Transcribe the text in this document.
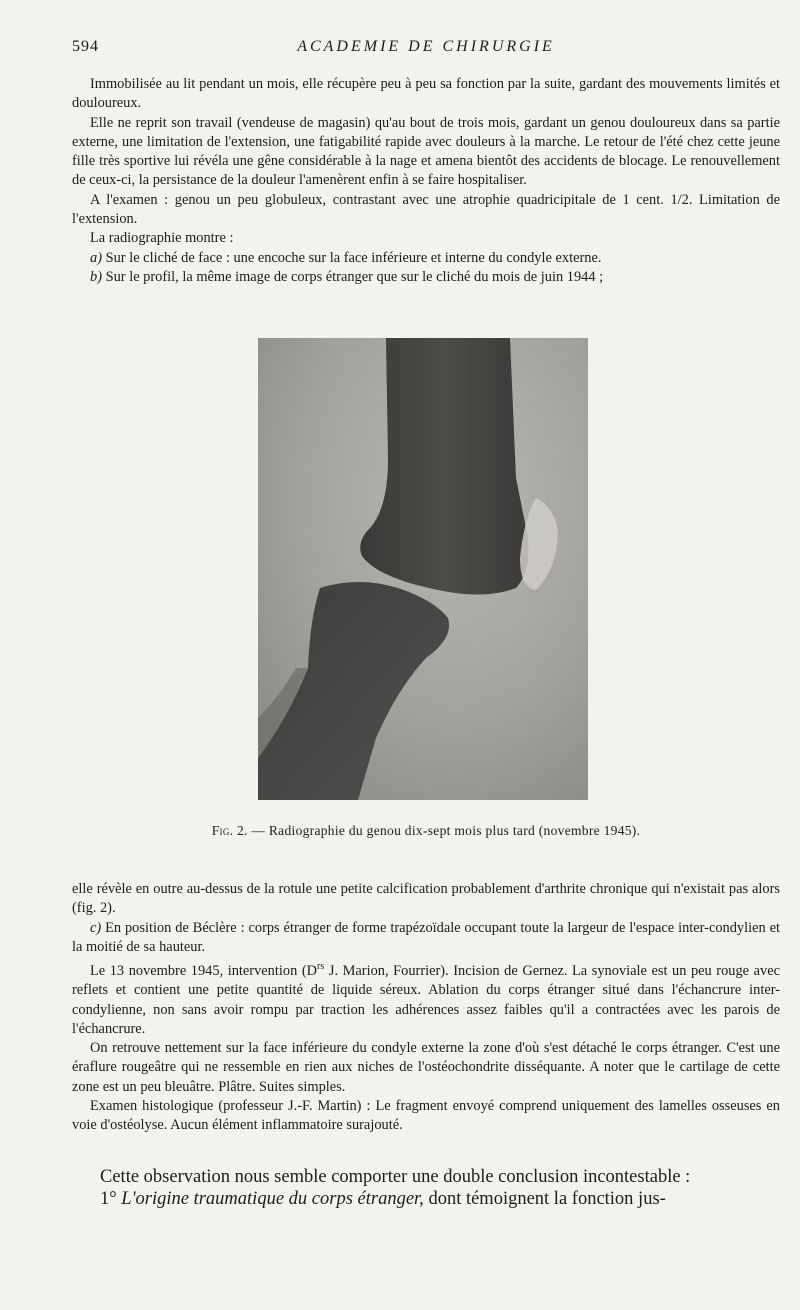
594	ACADEMIE DE CHIRURGIE

Immobilisée au lit pendant un mois, elle récupère peu à peu sa fonction par la suite, gardant des mouvements limités et douloureux.

Elle ne reprit son travail (vendeuse de magasin) qu'au bout de trois mois, gardant un genou douloureux dans sa partie externe, une limitation de l'extension, une fatigabilité rapide avec douleurs à la marche. Le retour de l'été chez cette jeune fille très sportive lui révéla une gêne considérable à la nage et amena bientôt des accidents de blocage. Le renouvellement de ceux-ci, la persistance de la douleur l'amenèrent enfin à se faire hospitaliser.

A l'examen : genou un peu globuleux, contrastant avec une atrophie quadricipitale de 1 cent. 1/2. Limitation de l'extension.

La radiographie montre :

a) Sur le cliché de face : une encoche sur la face inférieure et interne du condyle externe.

b) Sur le profil, la même image de corps étranger que sur le cliché du mois de juin 1944 ;

Fig. 2. — Radiographie du genou dix-sept mois plus tard (novembre 1945).

elle révèle en outre au-dessus de la rotule une petite calcification probablement d'arthrite chronique qui n'existait pas alors (fig. 2).

c) En position de Béclère : corps étranger de forme trapézoïdale occupant toute la largeur de l'espace inter-condylien et la moitié de sa hauteur.

Le 13 novembre 1945, intervention ($D^{rs}$ J. Marion, Fourrier). Incision de Gernez. La synoviale est un peu rouge avec reflets et contient une petite quantité de liquide séreux. Ablation du corps étranger situé dans l'échancrure inter-condylienne, non sans avoir rompu par traction les adhérences assez faibles qu'il a contractées avec les parois de l'échancrure.

On retrouve nettement sur la face inférieure du condyle externe la zone d'où s'est détaché le corps étranger. C'est une éraflure rougeâtre qui ne ressemble en rien aux niches de l'ostéochondrite disséquante. A noter que le cartilage de cette zone est un peu bleuâtre. Plâtre. Suites simples.

Examen histologique (professeur J.-F. Martin) : Le fragment envoyé comprend uniquement des lamelles osseuses en voie d'ostéolyse. Aucun élément inflammatoire surajouté.

Cette observation nous semble comporter une double conclusion incontestable :

1° L'origine traumatique du corps étranger, dont témoignent la fonction jus-
